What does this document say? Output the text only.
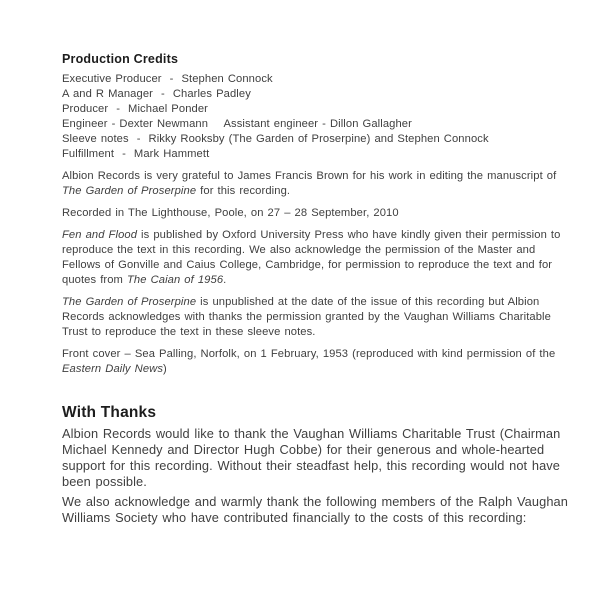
Production Credits
Executive Producer  -  Stephen Connock
A and R Manager  -  Charles Padley
Producer  -  Michael Ponder
Engineer - Dexter Newmann    Assistant engineer - Dillon Gallagher
Sleeve notes  -  Rikky Rooksby (The Garden of Proserpine) and Stephen Connock
Fulfillment  -  Mark Hammett

Albion Records is very grateful to James Francis Brown for his work in editing the manuscript of
The Garden of Proserpine for this recording.

Recorded in The Lighthouse, Poole, on 27 – 28 September, 2010

Fen and Flood is published by Oxford University Press who have kindly given their permission to
reproduce the text in this recording. We also acknowledge the permission of the Master and
Fellows of Gonville and Caius College, Cambridge, for permission to reproduce the text and for
quotes from The Caian of 1956.

The Garden of Proserpine is unpublished at the date of the issue of this recording but Albion
Records acknowledges with thanks the permission granted by the Vaughan Williams Charitable
Trust to reproduce the text in these sleeve notes.

Front cover – Sea Palling, Norfolk, on 1 February, 1953 (reproduced with kind permission of the
Eastern Daily News)

With Thanks

Albion Records would like to thank the Vaughan Williams Charitable Trust (Chairman
Michael Kennedy and Director Hugh Cobbe) for their generous and whole-hearted
support for this recording. Without their steadfast help, this recording would not have
been possible.

We also acknowledge and warmly thank the following members of the Ralph Vaughan
Williams Society who have contributed financially to the costs of this recording:
